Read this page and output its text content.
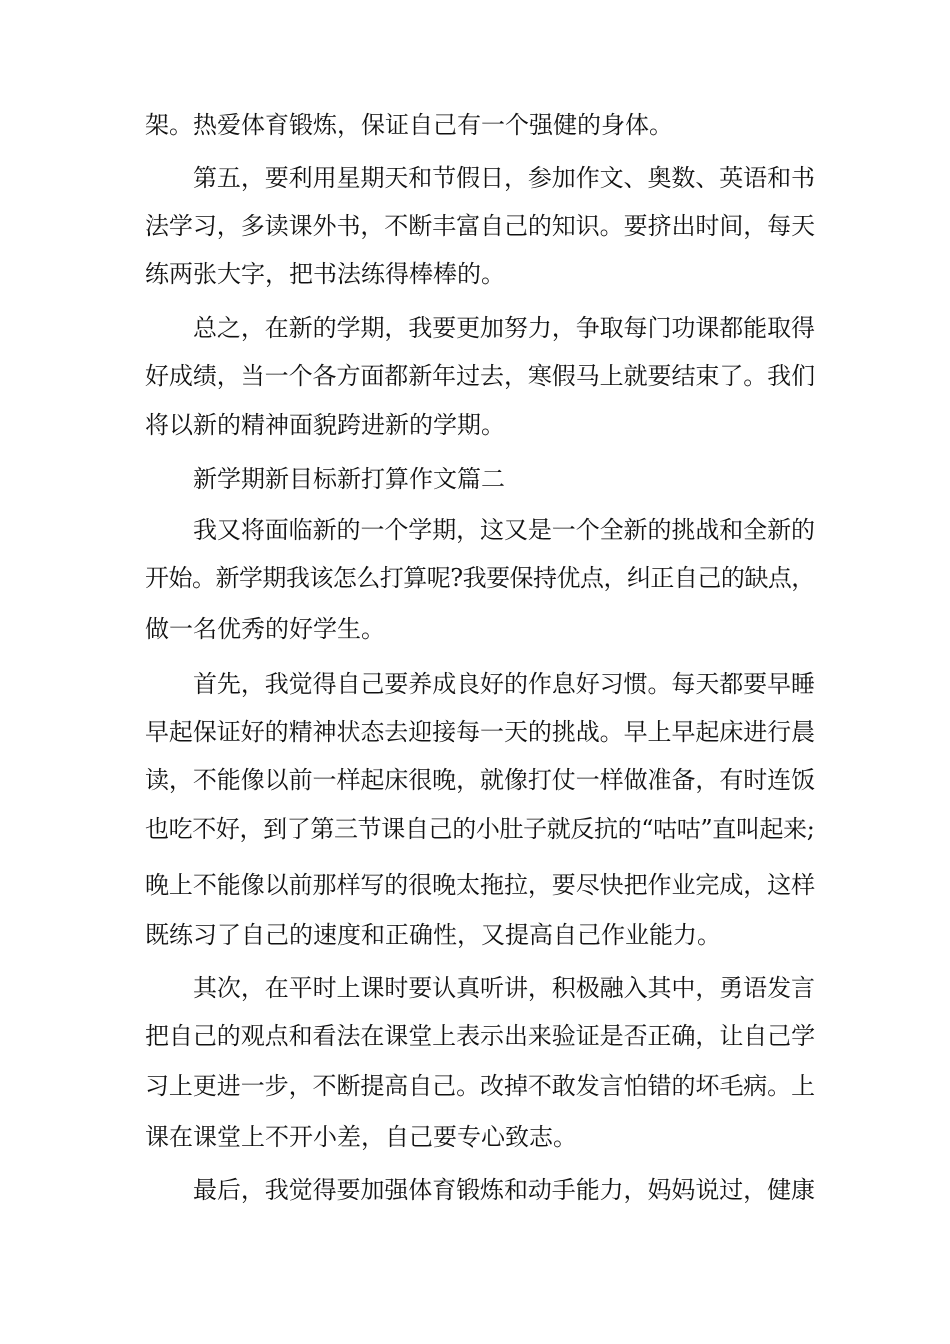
架。热爱体育锻炼，保证自己有一个强健的身体。
第五，要利用星期天和节假日，参加作文、奥数、英语和书
法学习，多读课外书，不断丰富自己的知识。要挤出时间，每天
练两张大字，把书法练得棒棒的。
总之，在新的学期，我要更加努力，争取每门功课都能取得
好成绩，当一个各方面都新年过去，寒假马上就要结束了。我们
将以新的精神面貌跨进新的学期。
新学期新目标新打算作文篇二
我又将面临新的一个学期，这又是一个全新的挑战和全新的
开始。新学期我该怎么打算呢?我要保持优点，纠正自己的缺点，
做一名优秀的好学生。
首先，我觉得自己要养成良好的作息好习惯。每天都要早睡
早起保证好的精神状态去迎接每一天的挑战。早上早起床进行晨
读，不能像以前一样起床很晚，就像打仗一样做准备，有时连饭
也吃不好，到了第三节课自己的小肚子就反抗的“咕咕”直叫起来;
晚上不能像以前那样写的很晚太拖拉，要尽快把作业完成，这样
既练习了自己的速度和正确性，又提高自己作业能力。
其次，在平时上课时要认真听讲，积极融入其中，勇语发言
把自己的观点和看法在课堂上表示出来验证是否正确，让自己学
习上更进一步，不断提高自己。改掉不敢发言怕错的坏毛病。上
课在课堂上不开小差，自己要专心致志。
最后，我觉得要加强体育锻炼和动手能力，妈妈说过，健康
